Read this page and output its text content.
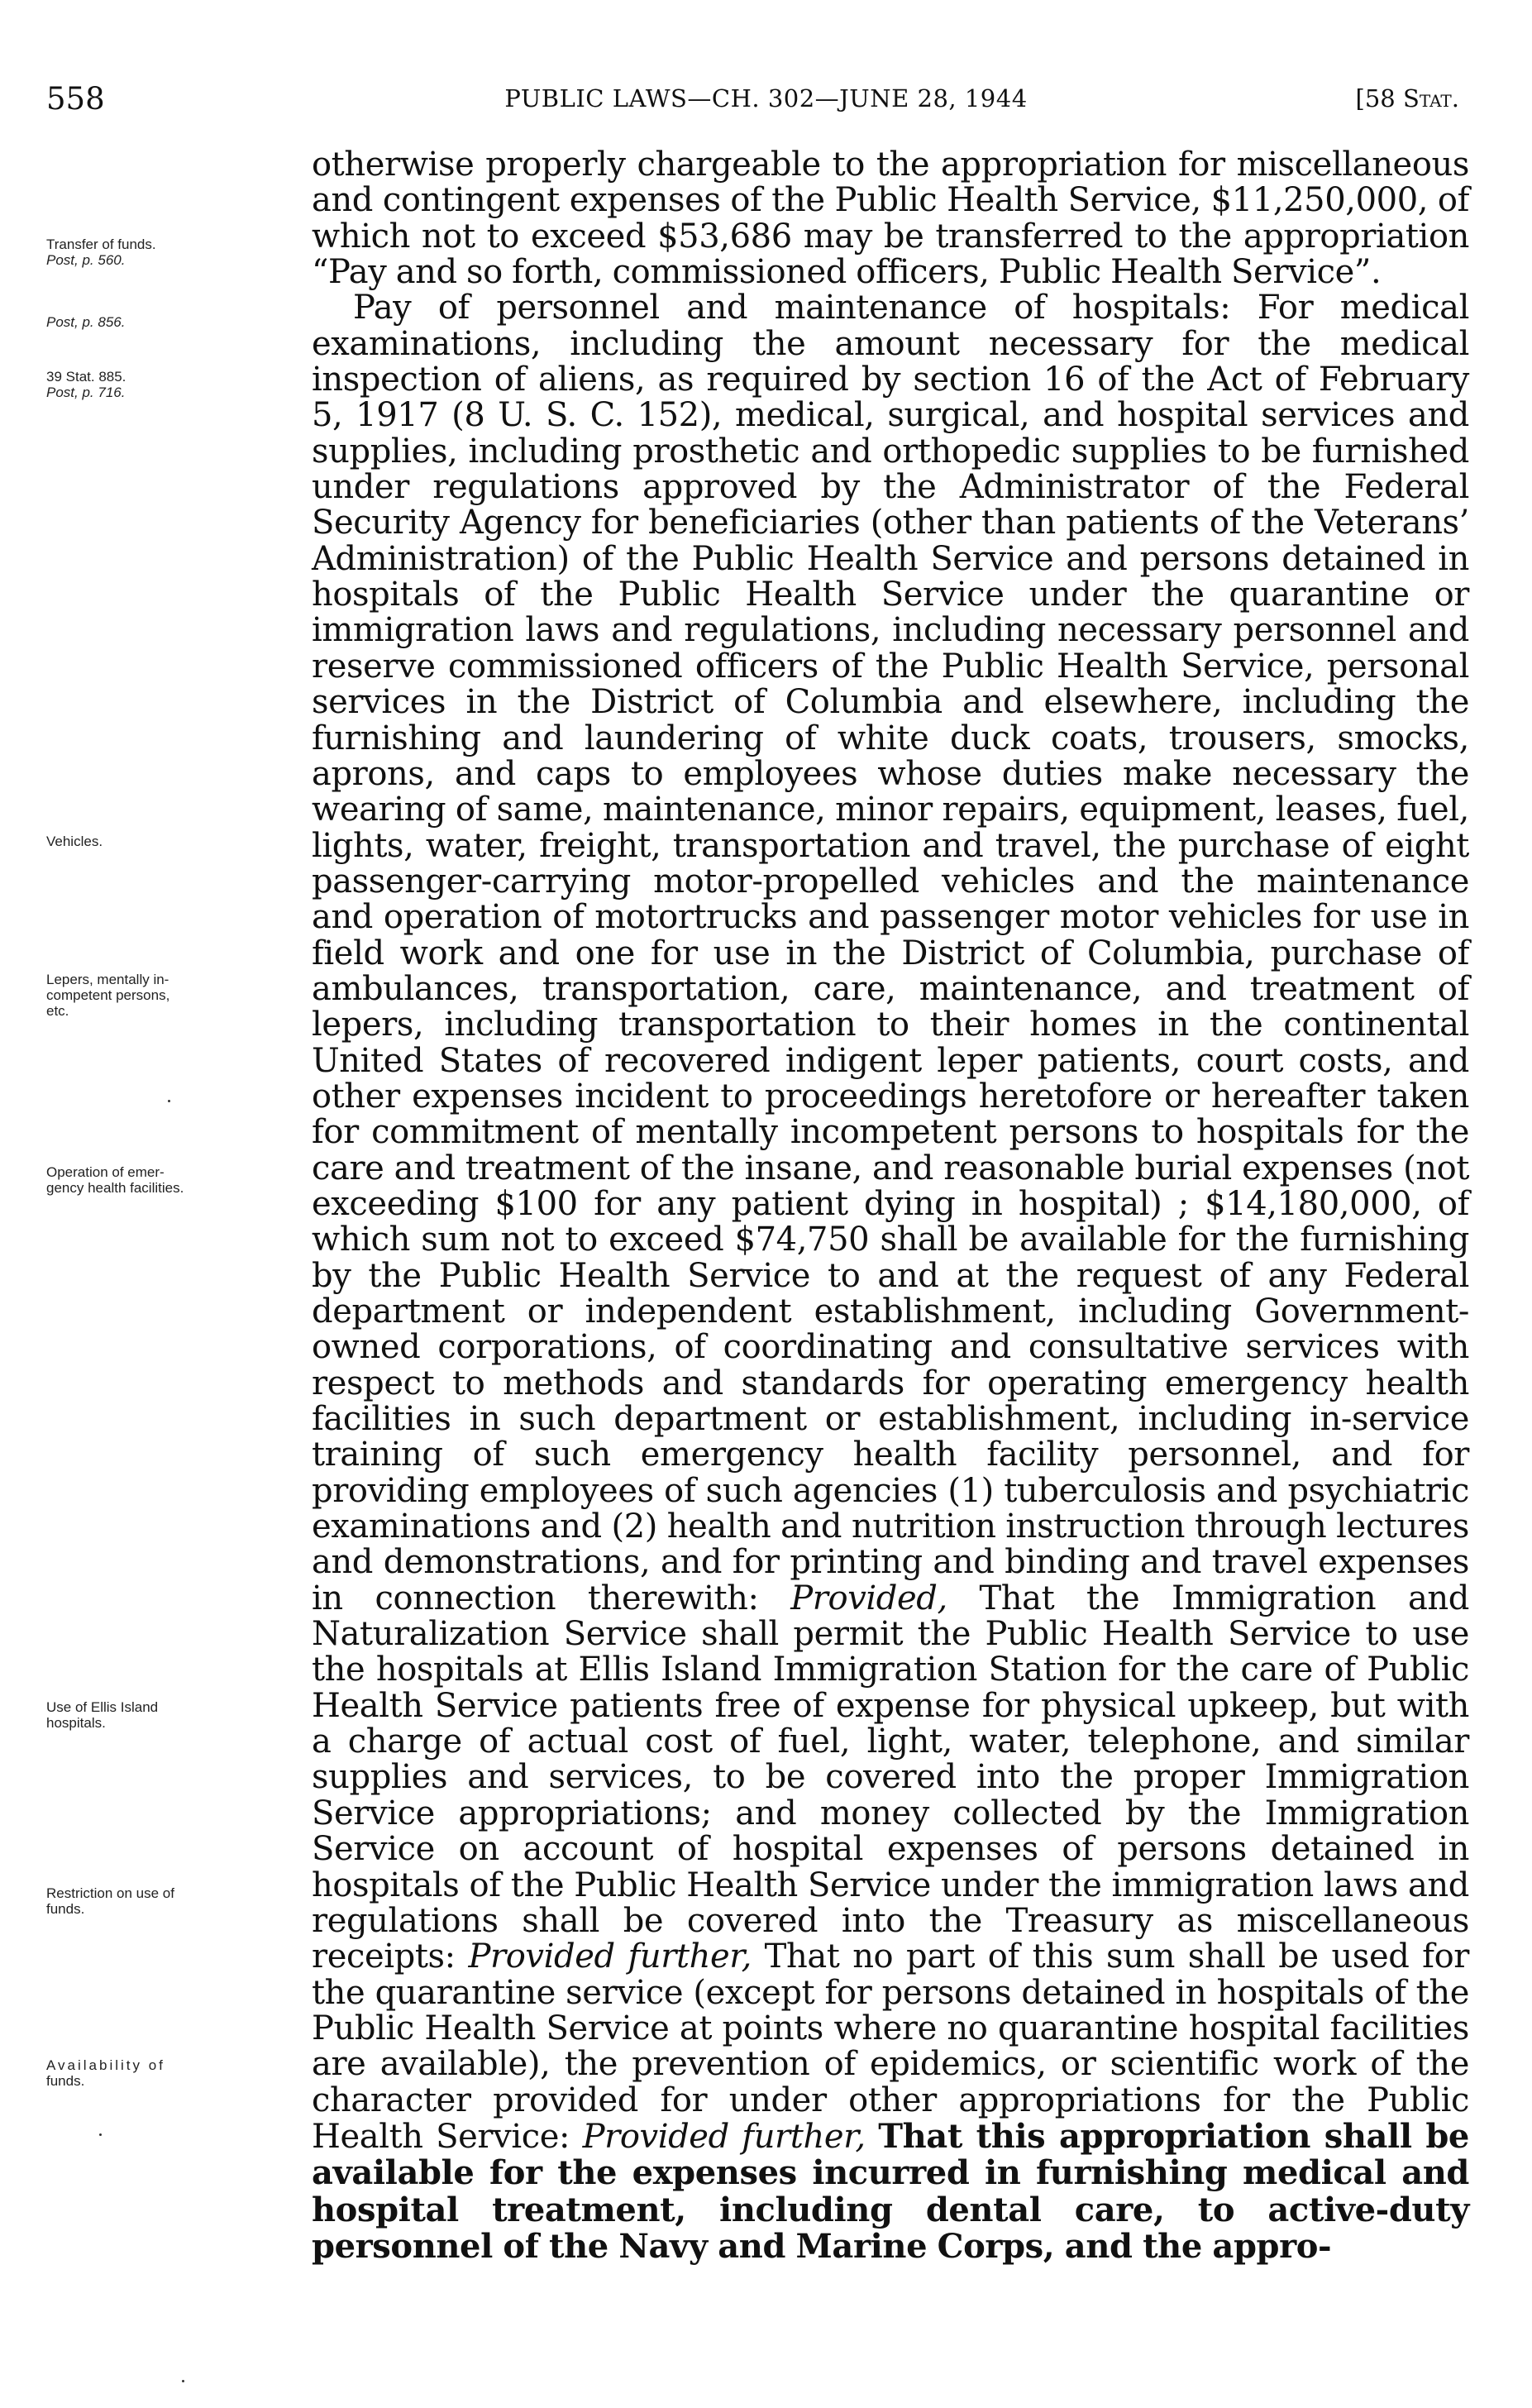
558	PUBLIC LAWS—CH. 302—JUNE 28, 1944	[58 Stat.
Transfer of funds.
Post, p. 560.
Post, p. 856.
39 Stat. 885.
Post, p. 716.
Vehicles.
Lepers, mentally in-
competent persons,
etc.
Operation of emer-
gency health facilities.
Use of Ellis Island
hospitals.
Restriction on use of
funds.
Availability of
funds.

otherwise properly chargeable to the appropriation for miscellaneous and contingent expenses of the Public Health Service, $11,250,000, of which not to exceed $53,686 may be transferred to the appropriation “Pay and so forth, commissioned officers, Public Health Service”.

Pay of personnel and maintenance of hospitals: For medical examinations, including the amount necessary for the medical inspection of aliens, as required by section 16 of the Act of February 5, 1917 (8 U. S. C. 152), medical, surgical, and hospital services and supplies, including prosthetic and orthopedic supplies to be furnished under regulations approved by the Administrator of the Federal Security Agency for beneficiaries (other than patients of the Veterans’ Administration) of the Public Health Service and persons detained in hospitals of the Public Health Service under the quarantine or immigration laws and regulations, including necessary personnel and reserve commissioned officers of the Public Health Service, personal services in the District of Columbia and elsewhere, including the furnishing and laundering of white duck coats, trousers, smocks, aprons, and caps to employees whose duties make necessary the wearing of same, maintenance, minor repairs, equipment, leases, fuel, lights, water, freight, transportation and travel, the purchase of eight passenger-carrying motor-propelled vehicles and the maintenance and operation of motortrucks and passenger motor vehicles for use in field work and one for use in the District of Columbia, purchase of ambulances, transportation, care, maintenance, and treatment of lepers, including transportation to their homes in the continental United States of recovered indigent leper patients, court costs, and other expenses incident to proceedings heretofore or hereafter taken for commitment of mentally incompetent persons to hospitals for the care and treatment of the insane, and reasonable burial expenses (not exceeding $100 for any patient dying in hospital) ; $14,180,000, of which sum not to exceed $74,750 shall be available for the furnishing by the Public Health Service to and at the request of any Federal department or independent establishment, including Government-owned corporations, of coordinating and consultative services with respect to methods and standards for operating emergency health facilities in such department or establishment, including in-service training of such emergency health facility personnel, and for providing employees of such agencies (1) tuberculosis and psychiatric examinations and (2) health and nutrition instruction through lectures and demonstrations, and for printing and binding and travel expenses in connection therewith: Provided, That the Immigration and Naturalization Service shall permit the Public Health Service to use the hospitals at Ellis Island Immigration Station for the care of Public Health Service patients free of expense for physical upkeep, but with a charge of actual cost of fuel, light, water, telephone, and similar supplies and services, to be covered into the proper Immigration Service appropriations; and money collected by the Immigration Service on account of hospital expenses of persons detained in hospitals of the Public Health Service under the immigration laws and regulations shall be covered into the Treasury as miscellaneous receipts: Provided further, That no part of this sum shall be used for the quarantine service (except for persons detained in hospitals of the Public Health Service at points where no quarantine hospital facilities are available), the prevention of epidemics, or scientific work of the character provided for under other appropriations for the Public Health Service: Provided further, That this appropriation shall be available for the expenses incurred in furnishing medical and hospital treatment, including dental care, to active-duty personnel of the Navy and Marine Corps, and the appro-
